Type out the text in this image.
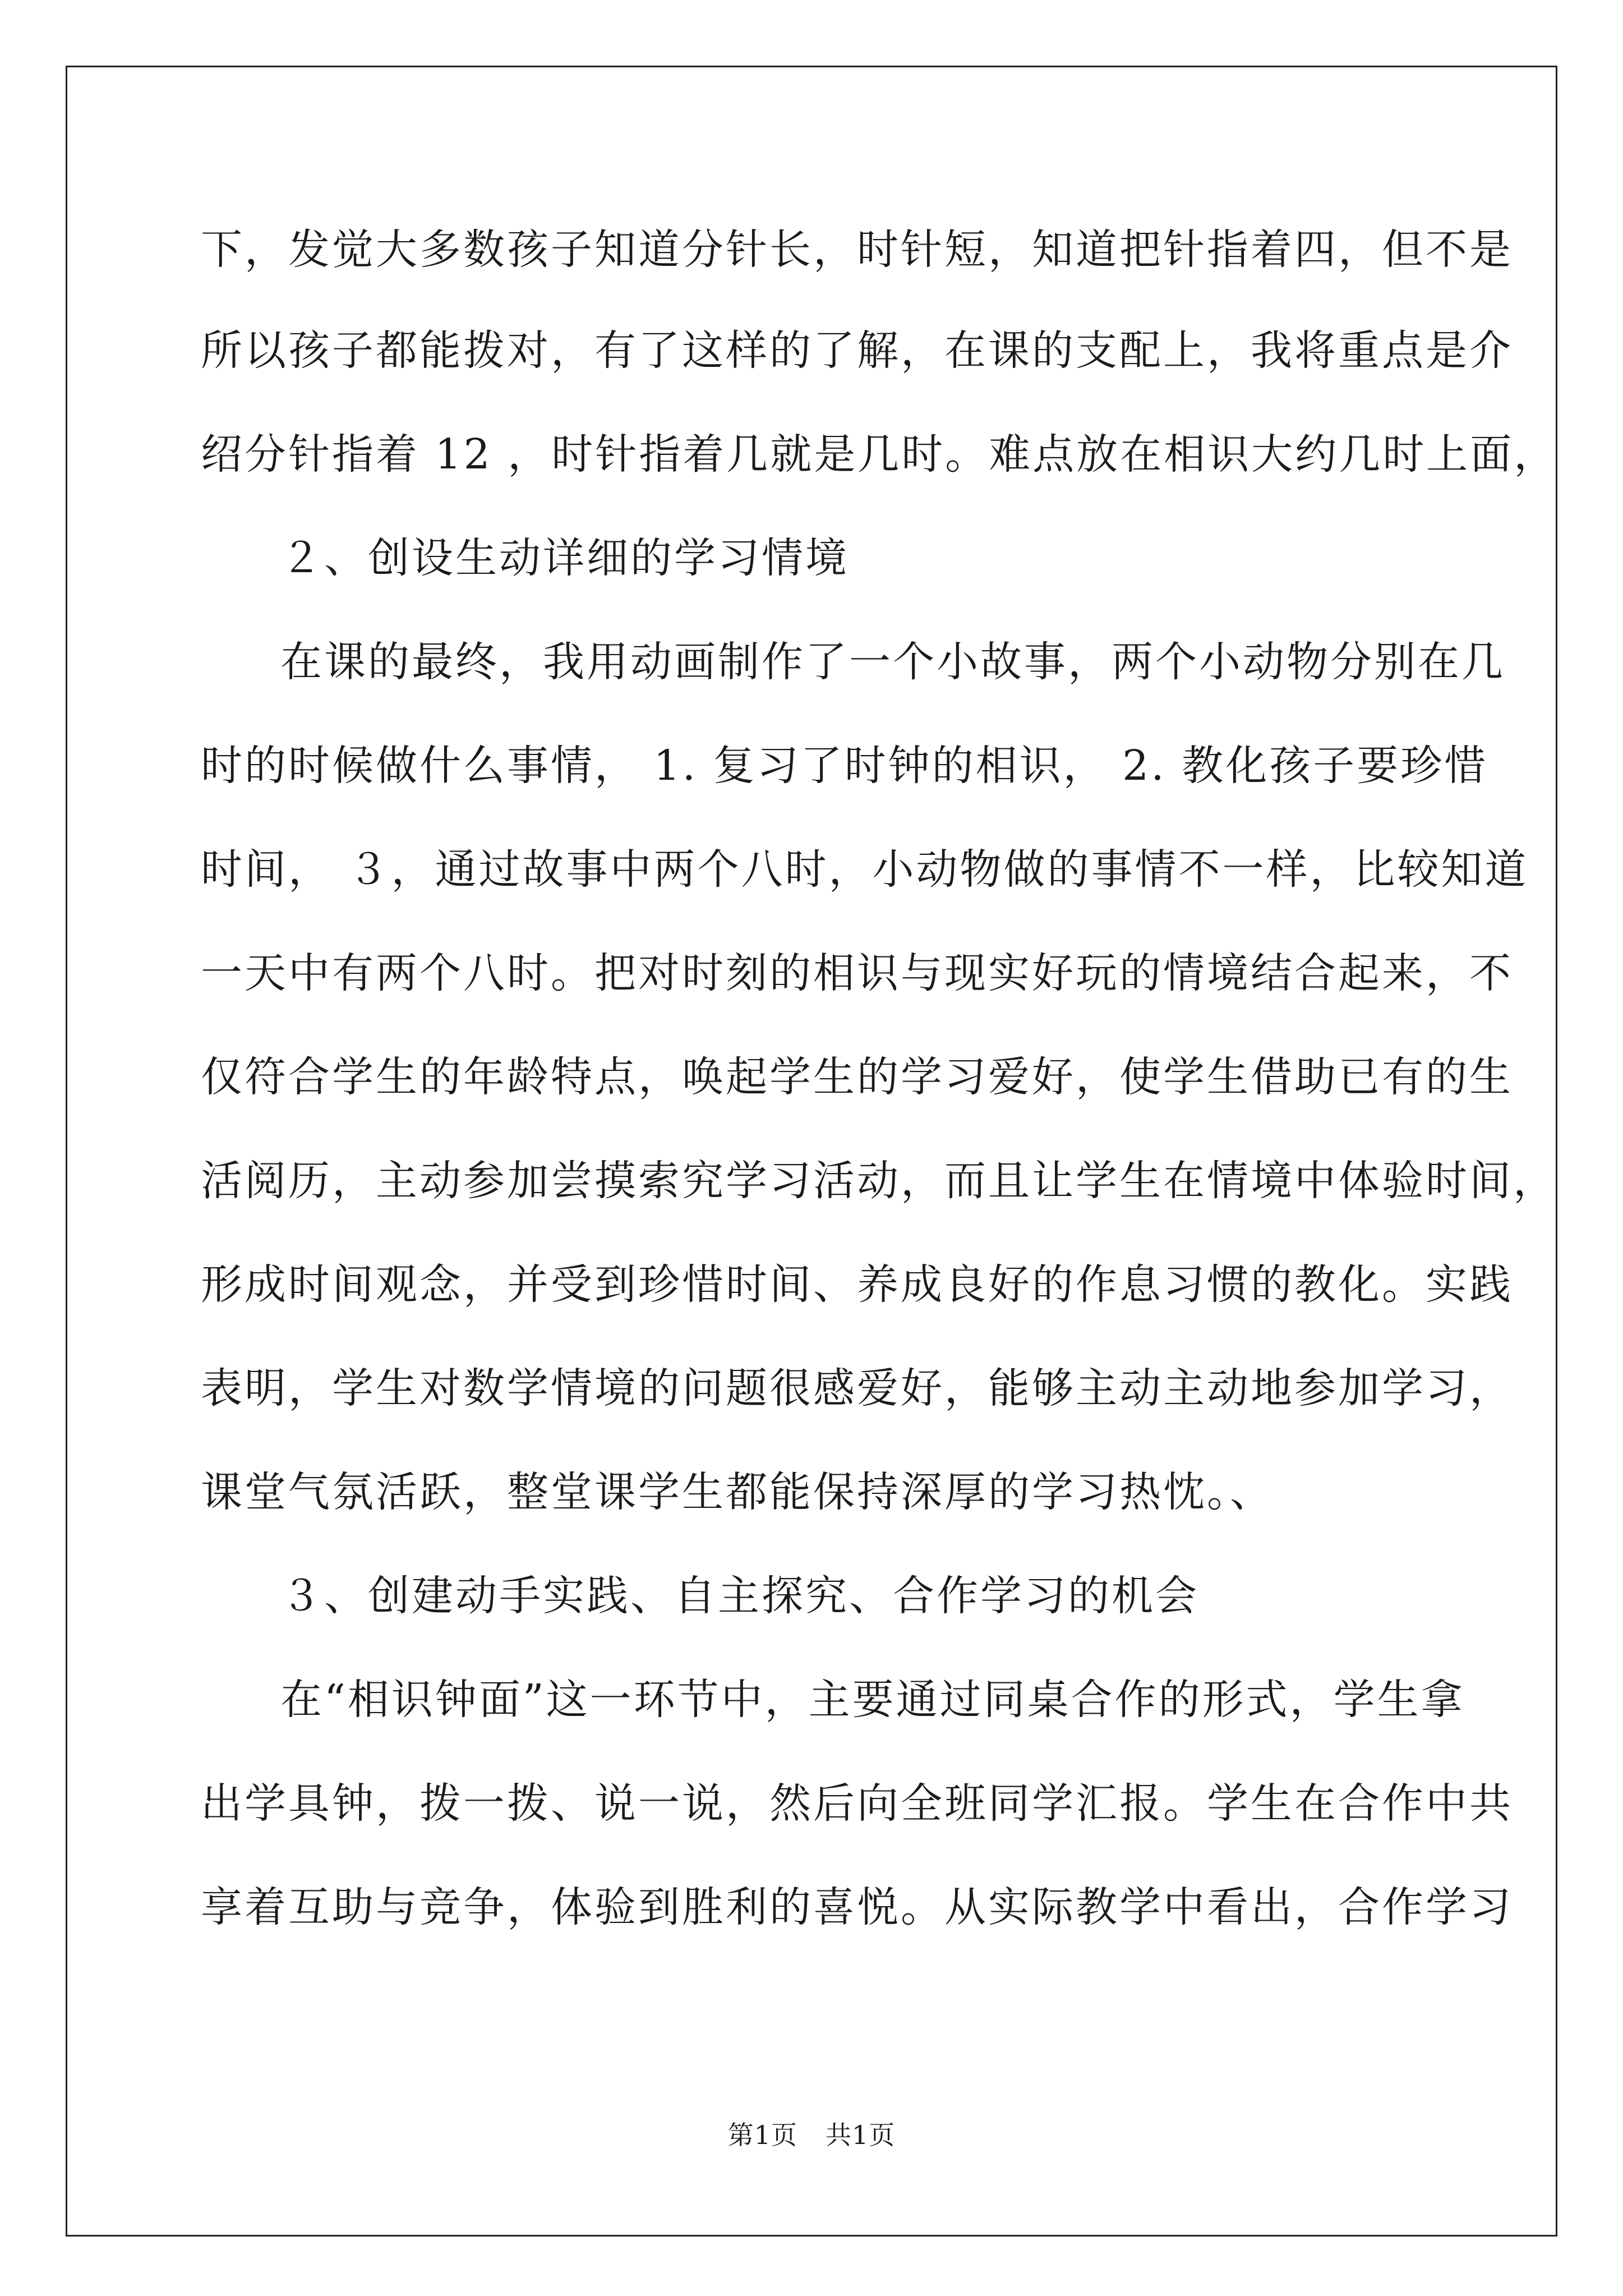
下，发觉大多数孩子知道分针长，时针短，知道把针指着四，但不是
所以孩子都能拨对，有了这样的了解，在课的支配上，我将重点是介
绍分针指着 12 ，时针指着几就是几时。难点放在相识大约几时上面，
２、创设生动详细的学习情境
在课的最终，我用动画制作了一个小故事，两个小动物分别在几
时的时候做什么事情， 1. 复习了时钟的相识， 2. 教化孩子要珍惜
时间， ３，通过故事中两个八时，小动物做的事情不一样，比较知道
一天中有两个八时。把对时刻的相识与现实好玩的情境结合起来，不
仅符合学生的年龄特点，唤起学生的学习爱好，使学生借助已有的生
活阅历，主动参加尝摸索究学习活动，而且让学生在情境中体验时间，
形成时间观念，并受到珍惜时间、养成良好的作息习惯的教化。实践
表明，学生对数学情境的问题很感爱好，能够主动主动地参加学习，
课堂气氛活跃，整堂课学生都能保持深厚的学习热忱。、
３、创建动手实践、自主探究、合作学习的机会
在“相识钟面”这一环节中，主要通过同桌合作的形式，学生拿
出学具钟，拨一拨、说一说，然后向全班同学汇报。学生在合作中共
享着互助与竞争，体验到胜利的喜悦。从实际教学中看出，合作学习
第1页 共1页
